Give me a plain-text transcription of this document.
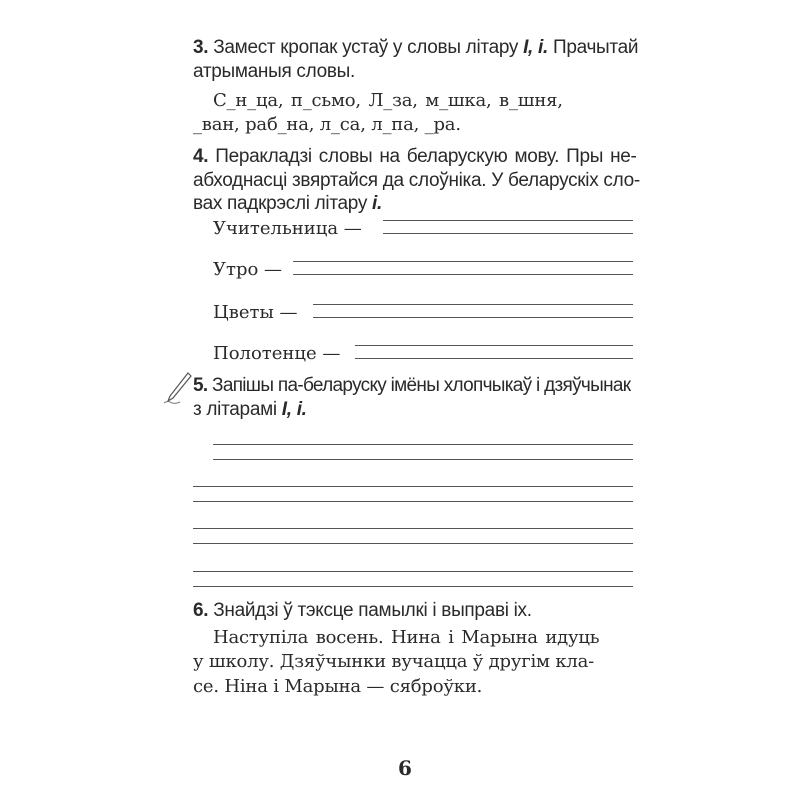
3. Замест кропак устаў у словы літару І, і. Прачытай
атрыманыя словы.
С_н_ца, п_сьмо, Л_за, м_шка, в_шня,
_ван, раб_на, л_са, л_па, _ра.
4. Перакладзі словы на беларускую мову. Пры не-
абходнасці звяртайся да слоўніка. У беларускіх сло-
вах падкрэслі літару і.
Учительница —
Утро —
Цветы —
Полотенце —
5. Запішы па-беларуску імёны хлопчыкаў і дзяўчынак
з літарамі І, і.
6. Знайдзі ў тэксце памылкі і выправі іх.
Наступіла восень. Нина і Марына идуць
у школу. Дзяўчынки вучацца ў другім кла-
се. Ніна і Марына — сяброўки.
6
